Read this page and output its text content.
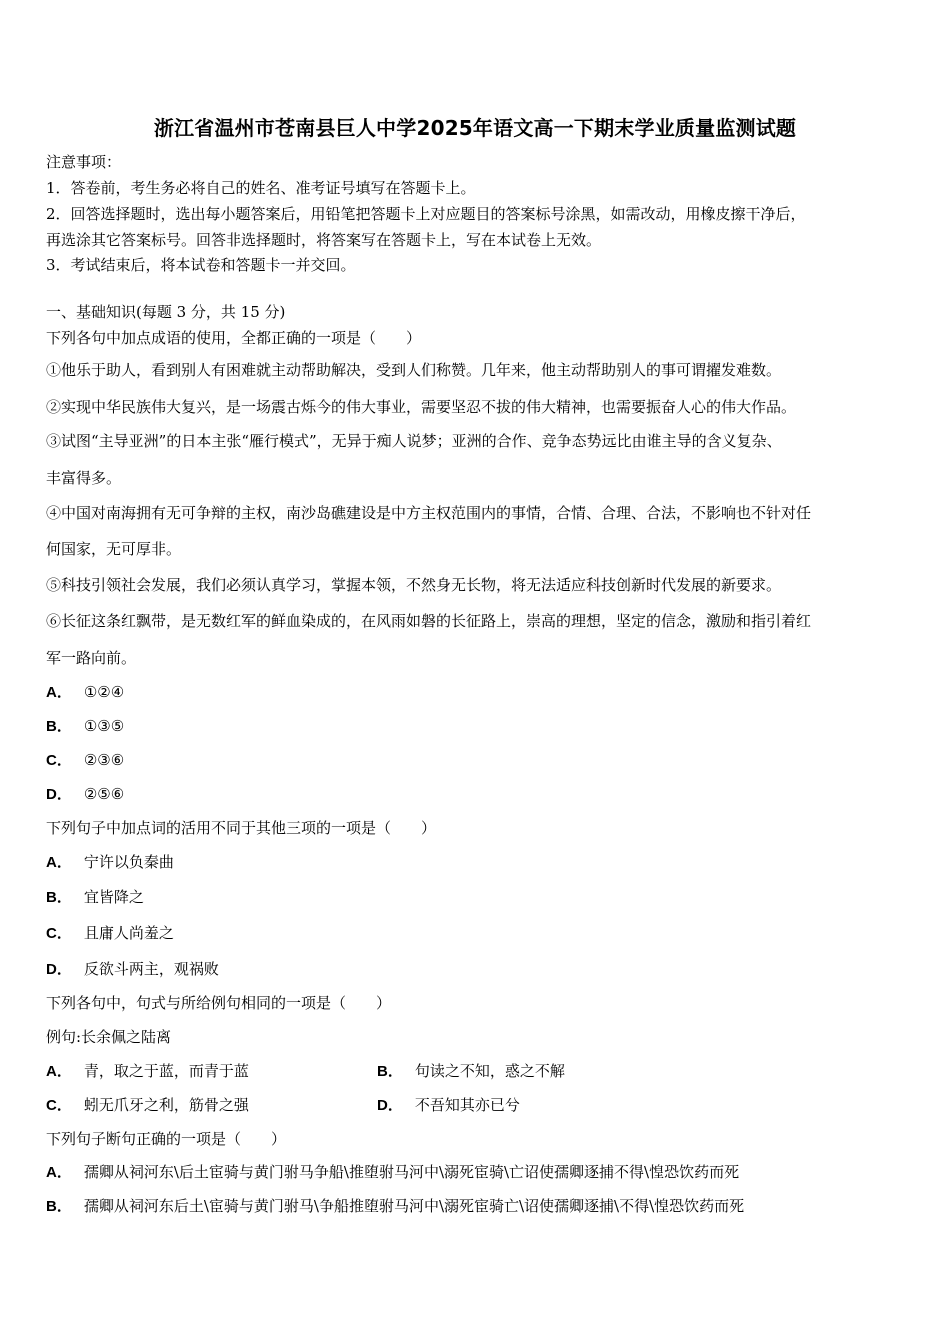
浙江省温州市苍南县巨人中学2025年语文高一下期末学业质量监测试题
注意事项：
1．答卷前，考生务必将自己的姓名、准考证号填写在答题卡上。
2．回答选择题时，选出每小题答案后，用铅笔把答题卡上对应题目的答案标号涂黑，如需改动，用橡皮擦干净后，
再选涂其它答案标号。回答非选择题时，将答案写在答题卡上，写在本试卷上无效。
3．考试结束后，将本试卷和答题卡一并交回。
一、基础知识(每题 3 分，共 15 分)
下列各句中加点成语的使用，全都正确的一项是（　　）
①他乐于助人，看到别人有困难就主动帮助解决，受到人们称赞。几年来，他主动帮助别人的事可谓擢发难数。
②实现中华民族伟大复兴，是一场震古烁今的伟大事业，需要坚忍不拔的伟大精神，也需要振奋人心的伟大作品。
③试图“主导亚洲”的日本主张“雁行模式”，无异于痴人说梦；亚洲的合作、竞争态势远比由谁主导的含义复杂、
丰富得多。
④中国对南海拥有无可争辩的主权，南沙岛礁建设是中方主权范围内的事情，合情、合理、合法，不影响也不针对任
何国家，无可厚非。
⑤科技引领社会发展，我们必须认真学习，掌握本领，不然身无长物，将无法适应科技创新时代发展的新要求。
⑥长征这条红飘带，是无数红军的鲜血染成的，在风雨如磐的长征路上，崇高的理想，坚定的信念，激励和指引着红
军一路向前。
A． ①②④
B． ①③⑤
C． ②③⑥
D． ②⑤⑥
下列句子中加点词的活用不同于其他三项的一项是（　　）
A． 宁许以负秦曲
B． 宜皆降之
C． 且庸人尚羞之
D． 反欲斗两主，观祸败
下列各句中，句式与所给例句相同的一项是（　　）
例句:长余佩之陆离
A． 青，取之于蓝，而青于蓝	B． 句读之不知，惑之不解
C． 蚓无爪牙之利，筋骨之强	D． 不吾知其亦已兮
下列句子断句正确的一项是（　　）
A． 孺卿从祠河东\后土宦骑与黄门驸马争船\推堕驸马河中\溺死宦骑\亡诏使孺卿逐捕不得\惶恐饮药而死
B． 孺卿从祠河东后土\宦骑与黄门驸马\争船推堕驸马河中\溺死宦骑亡\诏使孺卿逐捕\不得\惶恐饮药而死
